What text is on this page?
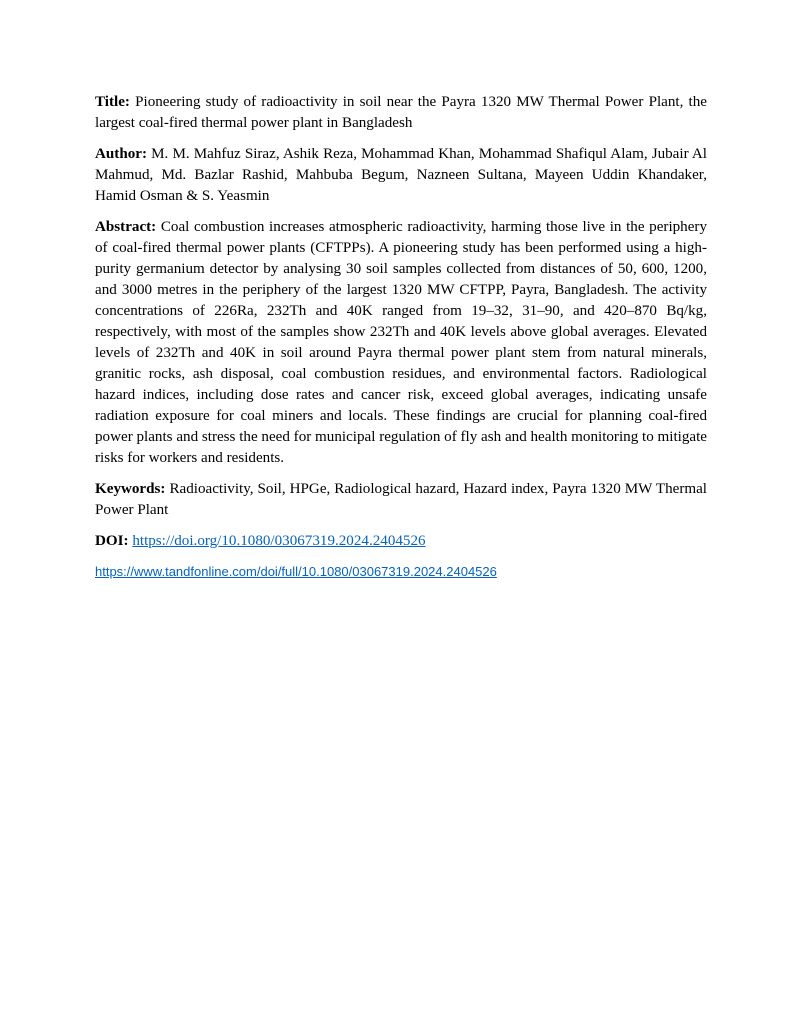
Title: Pioneering study of radioactivity in soil near the Payra 1320 MW Thermal Power Plant, the largest coal-fired thermal power plant in Bangladesh

Author: M. M. Mahfuz Siraz, Ashik Reza, Mohammad Khan, Mohammad Shafiqul Alam, Jubair Al Mahmud, Md. Bazlar Rashid, Mahbuba Begum, Nazneen Sultana, Mayeen Uddin Khandaker, Hamid Osman & S. Yeasmin

Abstract: Coal combustion increases atmospheric radioactivity, harming those live in the periphery of coal-fired thermal power plants (CFTPPs). A pioneering study has been performed using a high-purity germanium detector by analysing 30 soil samples collected from distances of 50, 600, 1200, and 3000 metres in the periphery of the largest 1320 MW CFTPP, Payra, Bangladesh. The activity concentrations of 226Ra, 232Th and 40K ranged from 19–32, 31–90, and 420–870 Bq/kg, respectively, with most of the samples show 232Th and 40K levels above global averages. Elevated levels of 232Th and 40K in soil around Payra thermal power plant stem from natural minerals, granitic rocks, ash disposal, coal combustion residues, and environmental factors. Radiological hazard indices, including dose rates and cancer risk, exceed global averages, indicating unsafe radiation exposure for coal miners and locals. These findings are crucial for planning coal-fired power plants and stress the need for municipal regulation of fly ash and health monitoring to mitigate risks for workers and residents.

Keywords: Radioactivity, Soil, HPGe, Radiological hazard, Hazard index, Payra 1320 MW Thermal Power Plant

DOI: https://doi.org/10.1080/03067319.2024.2404526

https://www.tandfonline.com/doi/full/10.1080/03067319.2024.2404526
